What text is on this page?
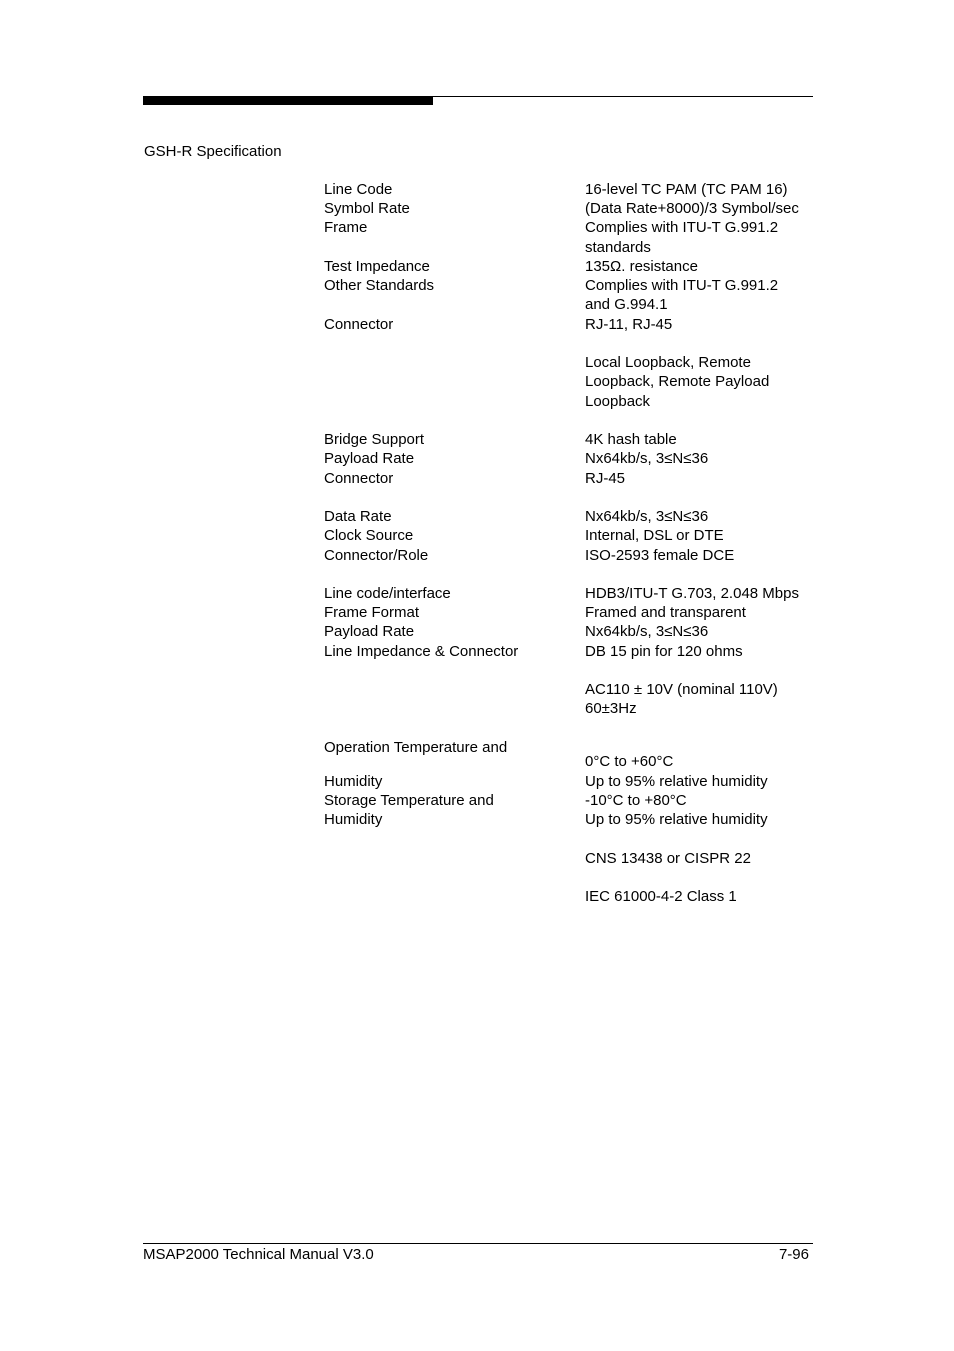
GSH-R Specification
Line Code
Symbol Rate
Frame
Test Impedance
Other Standards
Connector
Bridge Support
Payload Rate
Connector
Data Rate
Clock Source
Connector/Role
Line code/interface
Frame Format
Payload Rate
Line Impedance & Connector
Operation Temperature and
Humidity
Storage Temperature and
Humidity
16-level TC PAM (TC PAM 16)
(Data Rate+8000)/3 Symbol/sec
Complies with ITU-T G.991.2
standards
135Ω. resistance
Complies with ITU-T G.991.2
and G.994.1
RJ-11, RJ-45
Local Loopback, Remote
Loopback, Remote Payload
Loopback
4K hash table
Nx64kb/s, 3≤N≤36
RJ-45
Nx64kb/s, 3≤N≤36
Internal, DSL or DTE
ISO-2593 female DCE
HDB3/ITU-T G.703, 2.048 Mbps
Framed and transparent
Nx64kb/s, 3≤N≤36
DB 15 pin for 120 ohms
AC110 ± 10V (nominal 110V)
60±3Hz
0°C to +60°C
Up to 95% relative humidity
-10°C to +80°C
Up to 95% relative humidity
CNS 13438 or CISPR 22
IEC 61000-4-2 Class 1
MSAP2000 Technical Manual V3.0	7-96
